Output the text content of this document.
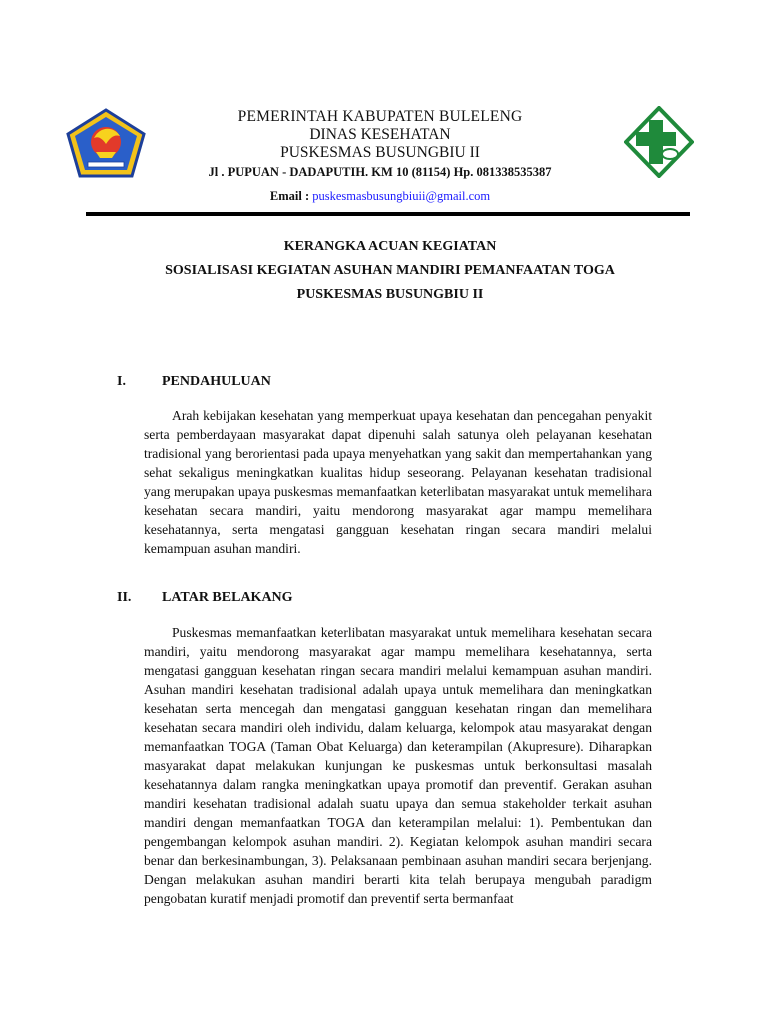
PEMERINTAH KABUPATEN BULELENG
DINAS KESEHATAN
PUSKESMAS BUSUNGBIU II
Jl . PUPUAN - DADAPUTIH. KM 10 (81154) Hp. 081338535387
Email : puskesmasbusungbiuii@gmail.com
KERANGKA ACUAN KEGIATAN
SOSIALISASI KEGIATAN ASUHAN MANDIRI PEMANFAATAN TOGA
PUSKESMAS BUSUNGBIU II
I.	PENDAHULUAN
Arah kebijakan kesehatan yang memperkuat upaya kesehatan dan pencegahan penyakit serta pemberdayaan masyarakat dapat dipenuhi salah satunya oleh pelayanan kesehatan tradisional yang berorientasi pada upaya menyehatkan yang sakit dan mempertahankan yang sehat sekaligus meningkatkan kualitas hidup seseorang. Pelayanan kesehatan tradisional yang merupakan upaya puskesmas memanfaatkan keterlibatan masyarakat untuk memelihara kesehatan secara mandiri, yaitu mendorong masyarakat agar mampu memelihara kesehatannya, serta mengatasi gangguan kesehatan ringan secara mandiri melalui kemampuan asuhan mandiri.
II.	LATAR BELAKANG
Puskesmas memanfaatkan keterlibatan masyarakat untuk memelihara kesehatan secara mandiri, yaitu mendorong masyarakat agar mampu memelihara kesehatannya, serta mengatasi gangguan kesehatan ringan secara mandiri melalui kemampuan asuhan mandiri. Asuhan mandiri kesehatan tradisional adalah upaya untuk memelihara dan meningkatkan kesehatan serta mencegah dan mengatasi gangguan kesehatan ringan dan memelihara kesehatan secara mandiri oleh individu, dalam keluarga, kelompok atau masyarakat dengan memanfaatkan TOGA (Taman Obat Keluarga) dan keterampilan (Akupresure). Diharapkan masyarakat dapat melakukan kunjungan ke puskesmas untuk berkonsultasi masalah kesehatannya dalam rangka meningkatkan upaya promotif dan preventif. Gerakan asuhan mandiri kesehatan tradisional adalah suatu upaya dan semua stakeholder terkait asuhan mandiri dengan memanfaatkan TOGA dan keterampilan melalui: 1). Pembentukan dan pengembangan kelompok asuhan mandiri. 2). Kegiatan kelompok asuhan mandiri secara benar dan berkesinambungan, 3). Pelaksanaan pembinaan asuhan mandiri secara berjenjang. Dengan melakukan asuhan mandiri berarti kita telah berupaya mengubah paradigm pengobatan kuratif menjadi promotif dan preventif serta bermanfaat
